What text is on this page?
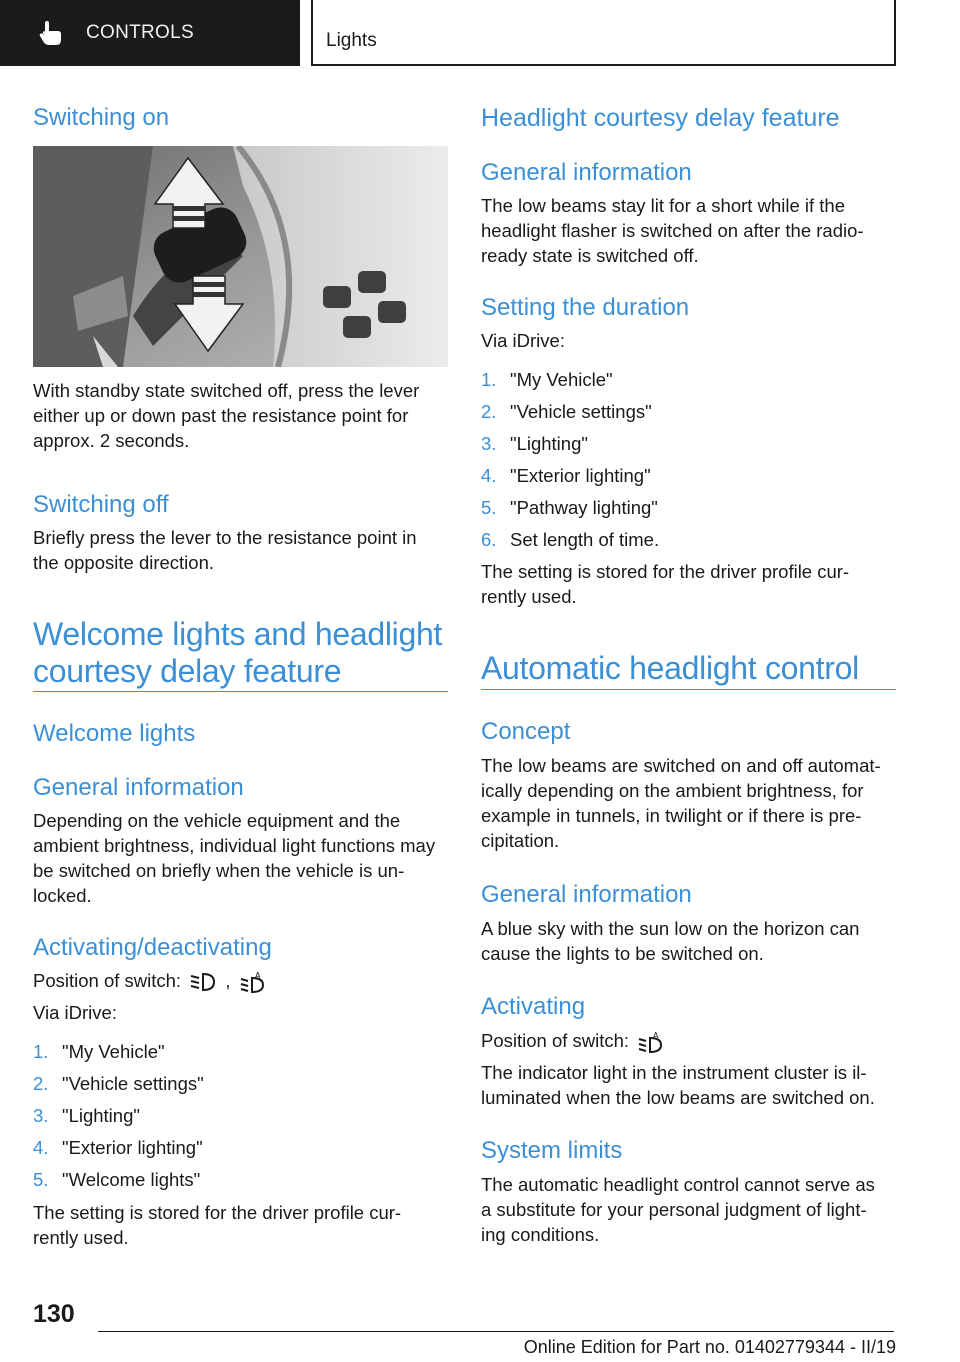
CONTROLS	Lights
Switching on
With standby state switched off, press the lever
either up or down past the resistance point for
approx. 2 seconds.
Switching off
Briefly press the lever to the resistance point in
the opposite direction.
Welcome lights and headlight
courtesy delay feature
Welcome lights
General information
Depending on the vehicle equipment and the
ambient brightness, individual light functions may
be switched on briefly when the vehicle is un-
locked.
Activating/deactivating
Position of switch: ,	A
Via iDrive:
1. "My Vehicle"
2. "Vehicle settings"
3. "Lighting"
4. "Exterior lighting"
5. "Welcome lights"
The setting is stored for the driver profile cur-
rently used.
Headlight courtesy delay feature
General information
The low beams stay lit for a short while if the
headlight flasher is switched on after the radio-
ready state is switched off.
Setting the duration
Via iDrive:
1. "My Vehicle"
2. "Vehicle settings"
3. "Lighting"
4. "Exterior lighting"
5. "Pathway lighting"
6. Set length of time.
The setting is stored for the driver profile cur-
rently used.
Automatic headlight control
Concept
The low beams are switched on and off automat-
ically depending on the ambient brightness, for
example in tunnels, in twilight or if there is pre-
cipitation.
General information
A blue sky with the sun low on the horizon can
cause the lights to be switched on.
Activating
Position of switch:	A
The indicator light in the instrument cluster is il-
luminated when the low beams are switched on.
System limits
The automatic headlight control cannot serve as
a substitute for your personal judgment of light-
ing conditions.
130
Online Edition for Part no. 01402779344 - II/19
